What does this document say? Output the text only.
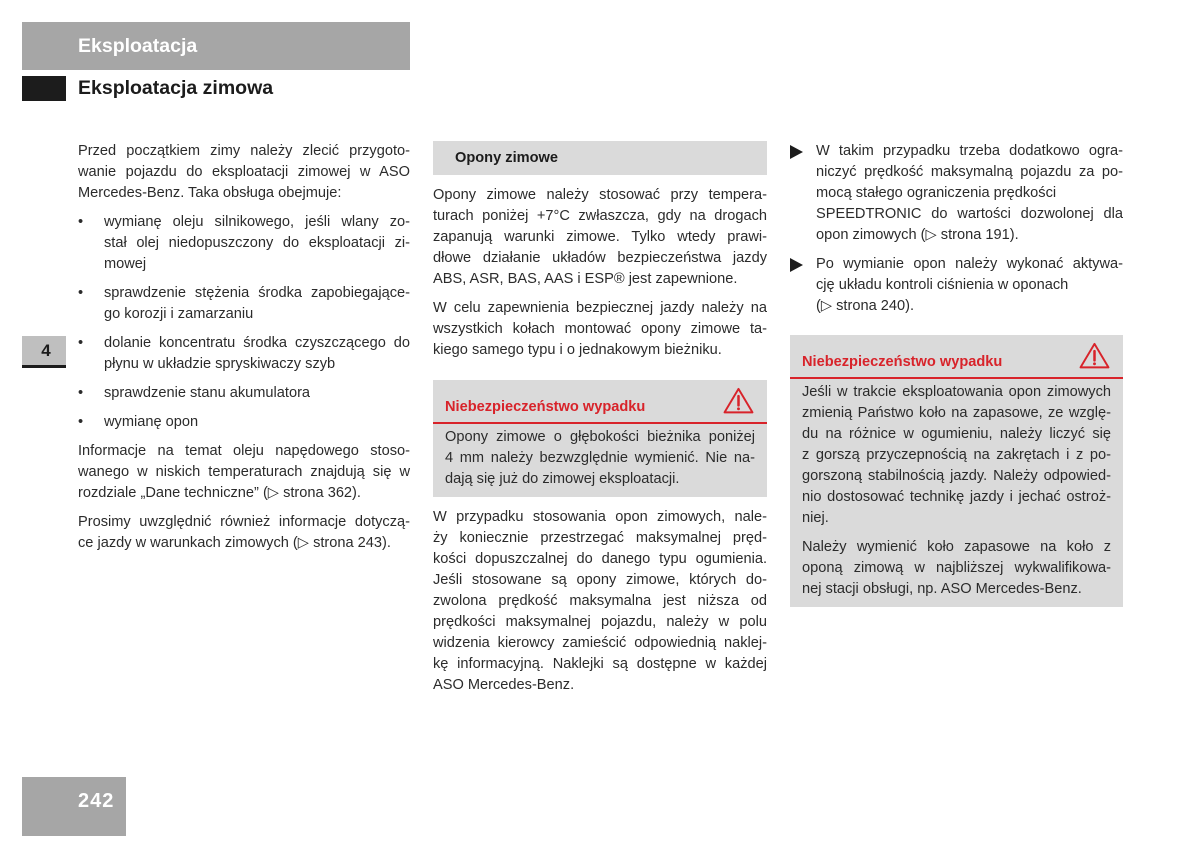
Eksploatacja
Eksploatacja zimowa
4
Przed początkiem zimy należy zlecić przygoto-
wanie pojazdu do eksploatacji zimowej w ASO
Mercedes-Benz. Taka obsługa obejmuje:
• wymianę oleju silnikowego, jeśli wlany zo-
stał olej niedopuszczony do eksploatacji zi-
mowej
• sprawdzenie stężenia środka zapobiegające-
go korozji i zamarzaniu
• dolanie koncentratu środka czyszczącego do
płynu w układzie spryskiwaczy szyb
• sprawdzenie stanu akumulatora
• wymianę opon
Informacje na temat oleju napędowego stoso-
wanego w niskich temperaturach znajdują się w
rozdziale „Dane techniczne” (▷ strona 362).
Prosimy uwzględnić również informacje dotyczą-
ce jazdy w warunkach zimowych (▷ strona 243).
Opony zimowe
Opony zimowe należy stosować przy tempera-
turach poniżej +7°C zwłaszcza, gdy na drogach
zapanują warunki zimowe. Tylko wtedy prawi-
dłowe działanie układów bezpieczeństwa jazdy
ABS, ASR, BAS, AAS i ESP® jest zapewnione.
W celu zapewnienia bezpiecznej jazdy należy na
wszystkich kołach montować opony zimowe ta-
kiego samego typu i o jednakowym bieżniku.
Niebezpieczeństwo wypadku
Opony zimowe o głębokości bieżnika poniżej
4 mm należy bezwzględnie wymienić. Nie na-
dają się już do zimowej eksploatacji.
W przypadku stosowania opon zimowych, nale-
ży koniecznie przestrzegać maksymalnej pręd-
kości dopuszczalnej do danego typu ogumienia.
Jeśli stosowane są opony zimowe, których do-
zwolona prędkość maksymalna jest niższa od
prędkości maksymalnej pojazdu, należy w polu
widzenia kierowcy zamieścić odpowiednią naklej-
kę informacyjną. Naklejki są dostępne w każdej
ASO Mercedes-Benz.
W takim przypadku trzeba dodatkowo ogra-
niczyć prędkość maksymalną pojazdu za po-
mocą stałego ograniczenia prędkości
SPEEDTRONIC do wartości dozwolonej dla
opon zimowych (▷ strona 191).
Po wymianie opon należy wykonać aktywa-
cję układu kontroli ciśnienia w oponach
(▷ strona 240).
Niebezpieczeństwo wypadku
Jeśli w trakcie eksploatowania opon zimowych
zmienią Państwo koło na zapasowe, ze wzglę-
du na różnice w ogumieniu, należy liczyć się
z gorszą przyczepnością na zakrętach i z po-
gorszoną stabilnością jazdy. Należy odpowied-
nio dostosować technikę jazdy i jechać ostroż-
niej.
Należy wymienić koło zapasowe na koło z
oponą zimową w najbliższej wykwalifikowa-
nej stacji obsługi, np. ASO Mercedes-Benz.
242
